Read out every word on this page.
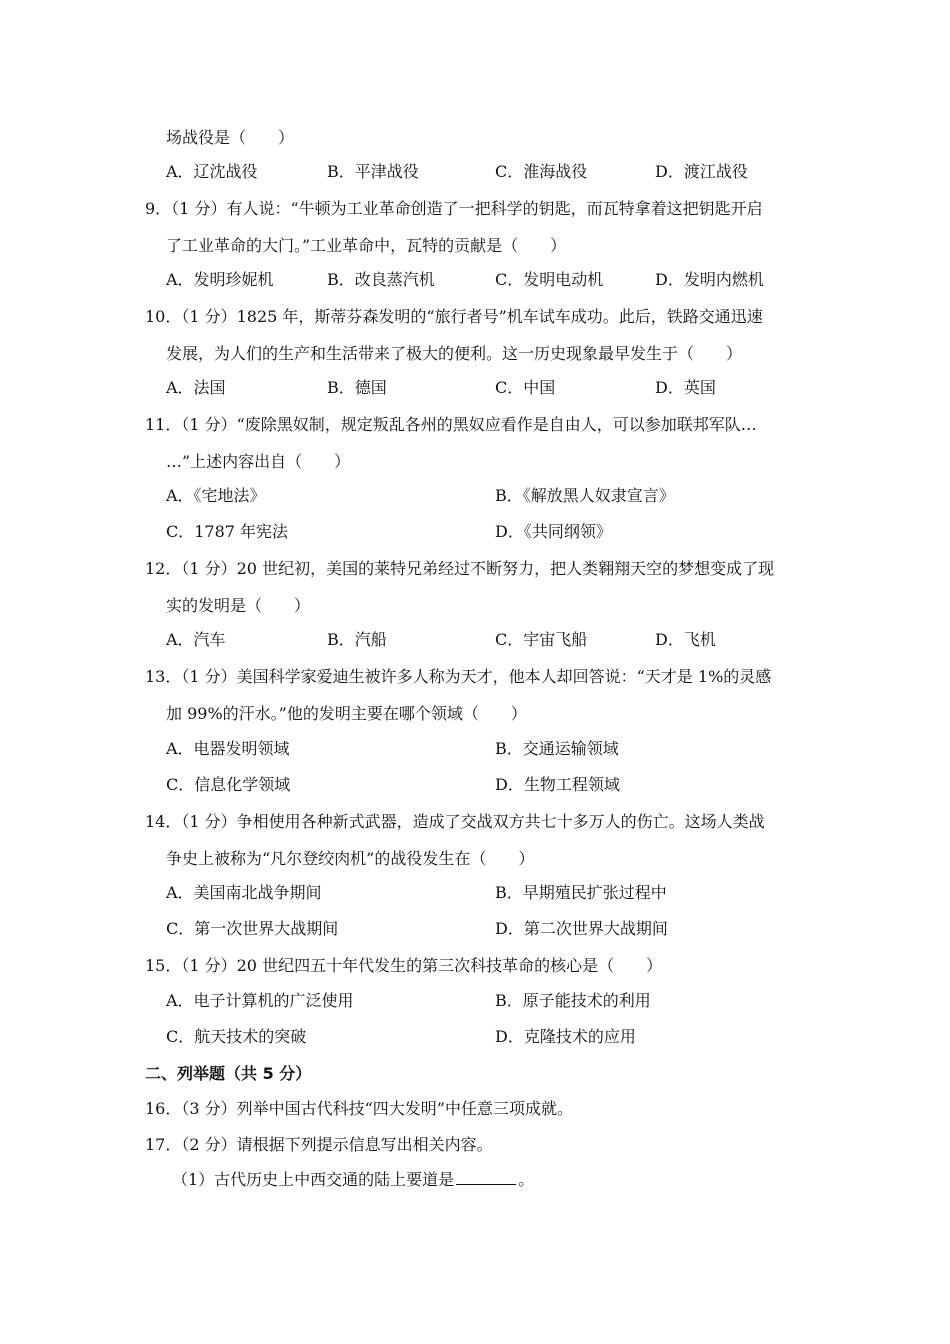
场战役是（　　）
A．辽沈战役	B．平津战役	C．淮海战役	D．渡江战役
9．（1 分）有人说：“牛顿为工业革命创造了一把科学的钥匙，而瓦特拿着这把钥匙开启
了工业革命的大门。”工业革命中，瓦特的贡献是（　　）
A．发明珍妮机	B．改良蒸汽机	C．发明电动机	D．发明内燃机
10．（1 分）1825 年，斯蒂芬森发明的“旅行者号”机车试车成功。此后，铁路交通迅速
发展，为人们的生产和生活带来了极大的便利。这一历史现象最早发生于（　　）
A．法国	B．德国	C．中国	D．英国
11．（1 分）“废除黑奴制，规定叛乱各州的黑奴应看作是自由人，可以参加联邦军队…
…”上述内容出自（　　）
A．《宅地法》	B．《解放黑人奴隶宣言》
C．1787 年宪法	D．《共同纲领》
12．（1 分）20 世纪初，美国的莱特兄弟经过不断努力，把人类翱翔天空的梦想变成了现
实的发明是（　　）
A．汽车	B．汽船	C．宇宙飞船	D．飞机
13．（1 分）美国科学家爱迪生被许多人称为天才，他本人却回答说：“天才是 1%的灵感
加 99%的汗水。”他的发明主要在哪个领域（　　）
A．电器发明领域	B．交通运输领域
C．信息化学领域	D．生物工程领域
14．（1 分）争相使用各种新式武器，造成了交战双方共七十多万人的伤亡。这场人类战
争史上被称为“凡尔登绞肉机”的战役发生在（　　）
A．美国南北战争期间	B．早期殖民扩张过程中
C．第一次世界大战期间	D．第二次世界大战期间
15．（1 分）20 世纪四五十年代发生的第三次科技革命的核心是（　　）
A．电子计算机的广泛使用	B．原子能技术的利用
C．航天技术的突破	D．克隆技术的应用
二、列举题（共 5 分）
16．（3 分）列举中国古代科技“四大发明”中任意三项成就。
17．（2 分）请根据下列提示信息写出相关内容。
（1）古代历史上中西交通的陆上要道是	。
